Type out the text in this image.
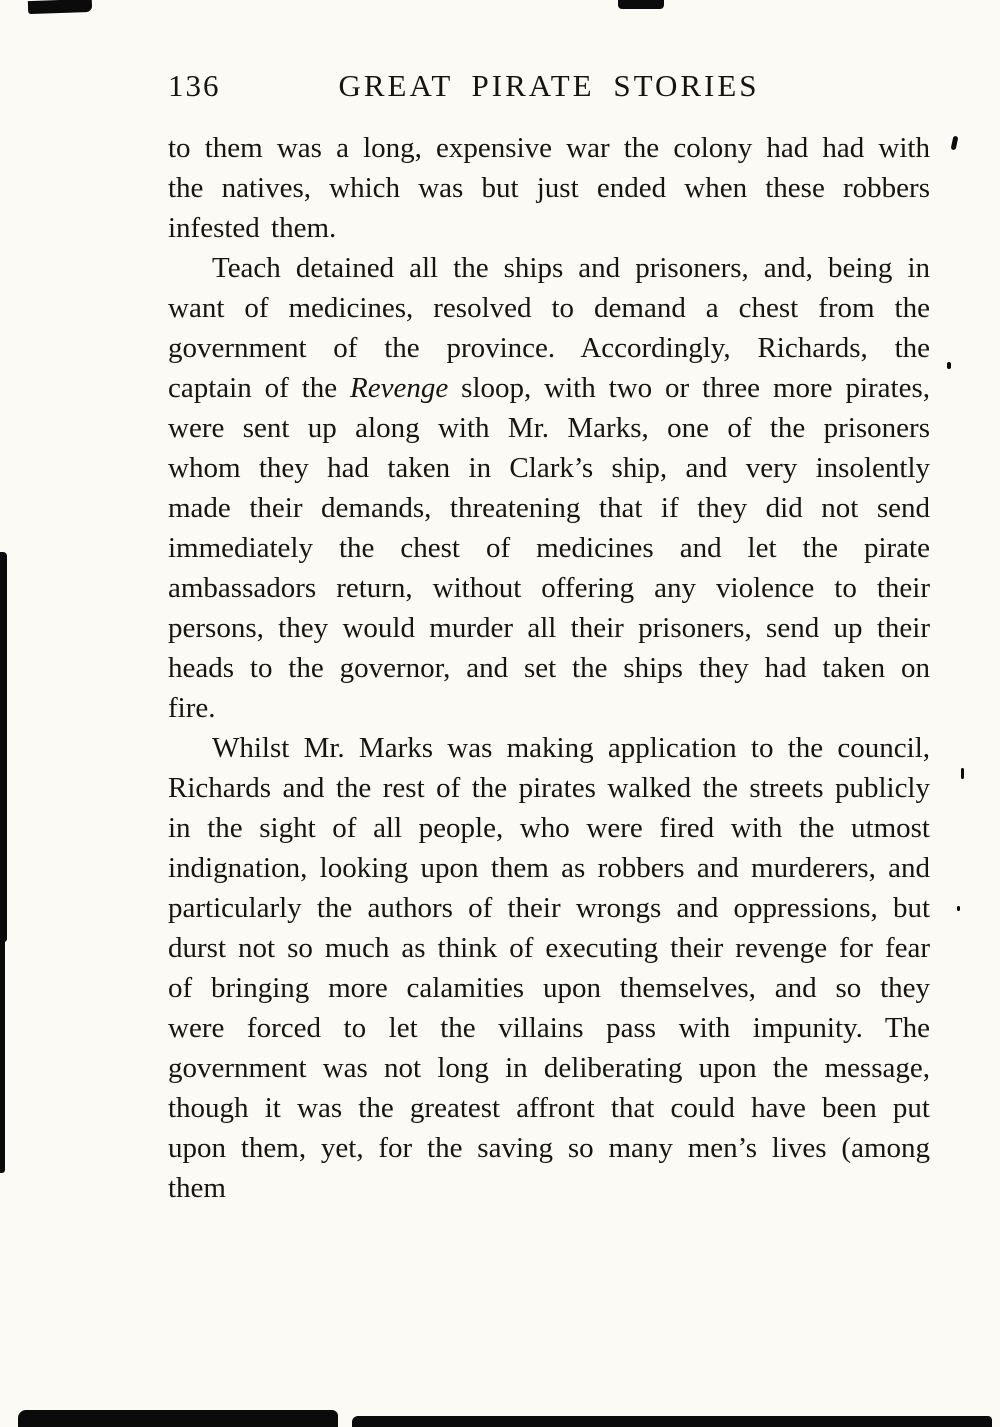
136	GREAT PIRATE STORIES

to them was a long, expensive war the colony had had with the natives, which was but just ended when these robbers infested them.

Teach detained all the ships and prisoners, and, being in want of medicines, resolved to demand a chest from the government of the province. Accordingly, Richards, the captain of the Revenge sloop, with two or three more pirates, were sent up along with Mr. Marks, one of the prisoners whom they had taken in Clark’s ship, and very insolently made their demands, threatening that if they did not send immediately the chest of medicines and let the pirate ambassadors return, without offering any violence to their persons, they would murder all their prisoners, send up their heads to the governor, and set the ships they had taken on fire.

Whilst Mr. Marks was making application to the council, Richards and the rest of the pirates walked the streets publicly in the sight of all people, who were fired with the utmost indignation, looking upon them as robbers and murderers, and particularly the authors of their wrongs and oppressions, but durst not so much as think of executing their revenge for fear of bringing more calamities upon themselves, and so they were forced to let the villains pass with impunity. The government was not long in deliberating upon the message, though it was the greatest affront that could have been put upon them, yet, for the saving so many men’s lives (among them
